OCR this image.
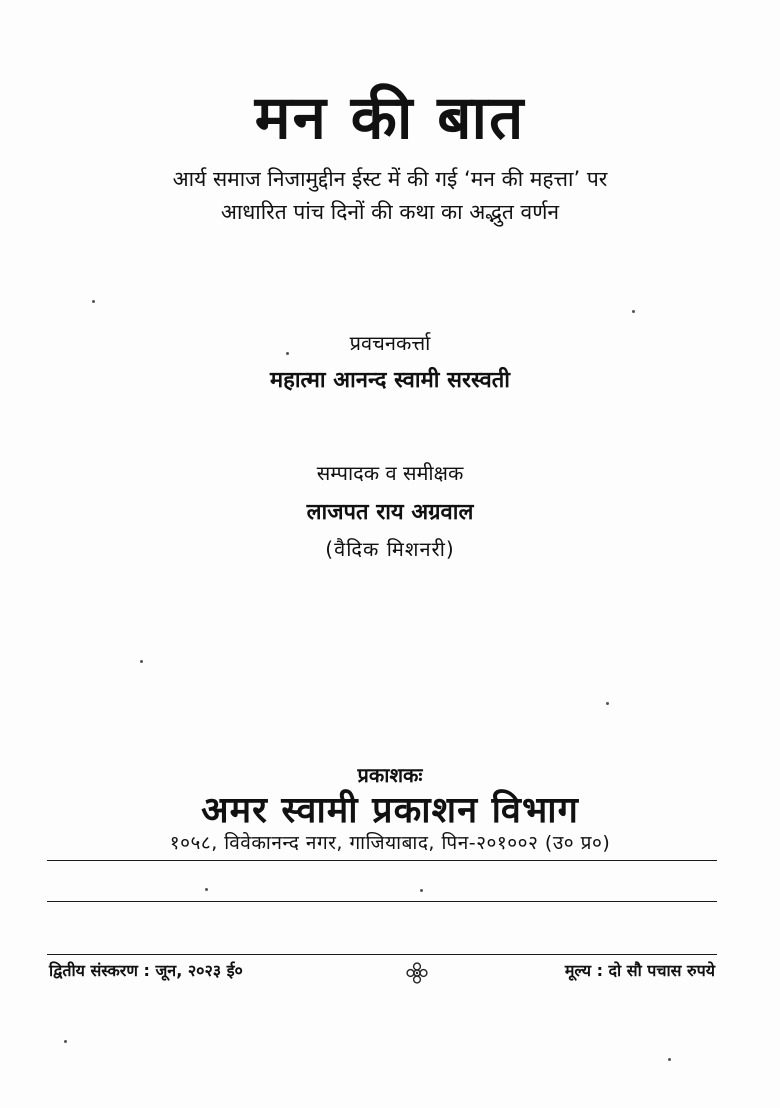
मन की बात
आर्य समाज निजामुद्दीन ईस्ट में की गई ‘मन की महत्ता’ पर
आधारित पांच दिनों की कथा का अद्भुत वर्णन
प्रवचनकर्त्ता
महात्मा आनन्द स्वामी सरस्वती
सम्पादक व समीक्षक
लाजपत राय अग्रवाल
(वैदिक मिशनरी)
प्रकाशकः
अमर स्वामी प्रकाशन विभाग
१०५८, विवेकानन्द नगर, गाजियाबाद, पिन-२०१००२ (उ० प्र०)
द्वितीय संस्करण : जून, २०२३ ई०	मूल्य : दो सौ पचास रुपये
